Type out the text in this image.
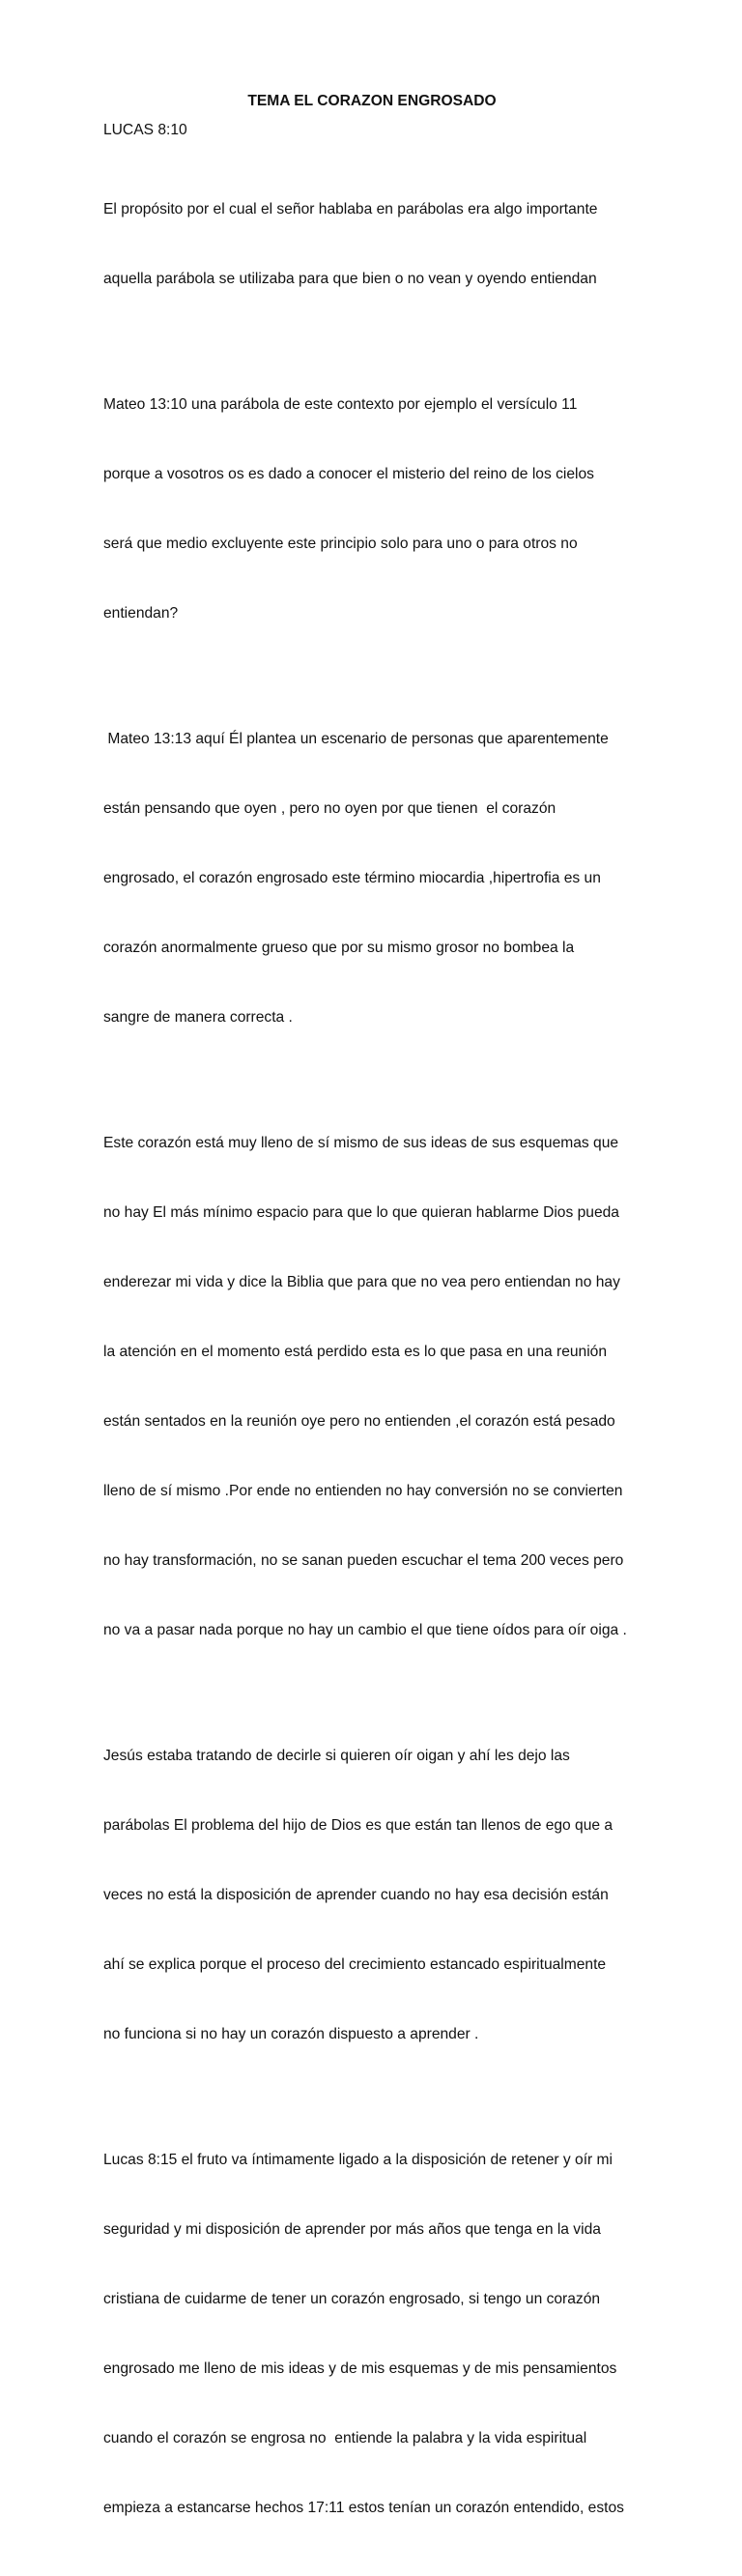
TEMA EL CORAZON ENGROSADO
LUCAS 8:10

El propósito por el cual el señor hablaba en parábolas era algo importante

aquella parábola se utilizaba para que bien o no vean y oyendo entiendan

Mateo 13:10 una parábola de este contexto por ejemplo el versículo 11

porque a vosotros os es dado a conocer el misterio del reino de los cielos

será que medio excluyente este principio solo para uno o para otros no

entiendan?

Mateo 13:13 aquí Él plantea un escenario de personas que aparentemente

están pensando que oyen , pero no oyen por que tienen  el corazón

engrosado, el corazón engrosado este término miocardia ,hipertrofia es un

corazón anormalmente grueso que por su mismo grosor no bombea la

sangre de manera correcta .

Este corazón está muy lleno de sí mismo de sus ideas de sus esquemas que

no hay El más mínimo espacio para que lo que quieran hablarme Dios pueda

enderezar mi vida y dice la Biblia que para que no vea pero entiendan no hay

la atención en el momento está perdido esta es lo que pasa en una reunión

están sentados en la reunión oye pero no entienden ,el corazón está pesado

lleno de sí mismo .Por ende no entienden no hay conversión no se convierten

no hay transformación, no se sanan pueden escuchar el tema 200 veces pero

no va a pasar nada porque no hay un cambio el que tiene oídos para oír oiga .

Jesús estaba tratando de decirle si quieren oír oigan y ahí les dejo las

parábolas El problema del hijo de Dios es que están tan llenos de ego que a

veces no está la disposición de aprender cuando no hay esa decisión están

ahí se explica porque el proceso del crecimiento estancado espiritualmente

no funciona si no hay un corazón dispuesto a aprender .

Lucas 8:15 el fruto va íntimamente ligado a la disposición de retener y oír mi

seguridad y mi disposición de aprender por más años que tenga en la vida

cristiana de cuidarme de tener un corazón engrosado, si tengo un corazón

engrosado me lleno de mis ideas y de mis esquemas y de mis pensamientos

cuando el corazón se engrosa no  entiende la palabra y la vida espiritual

empieza a estancarse hechos 17:11 estos tenían un corazón entendido, estos
